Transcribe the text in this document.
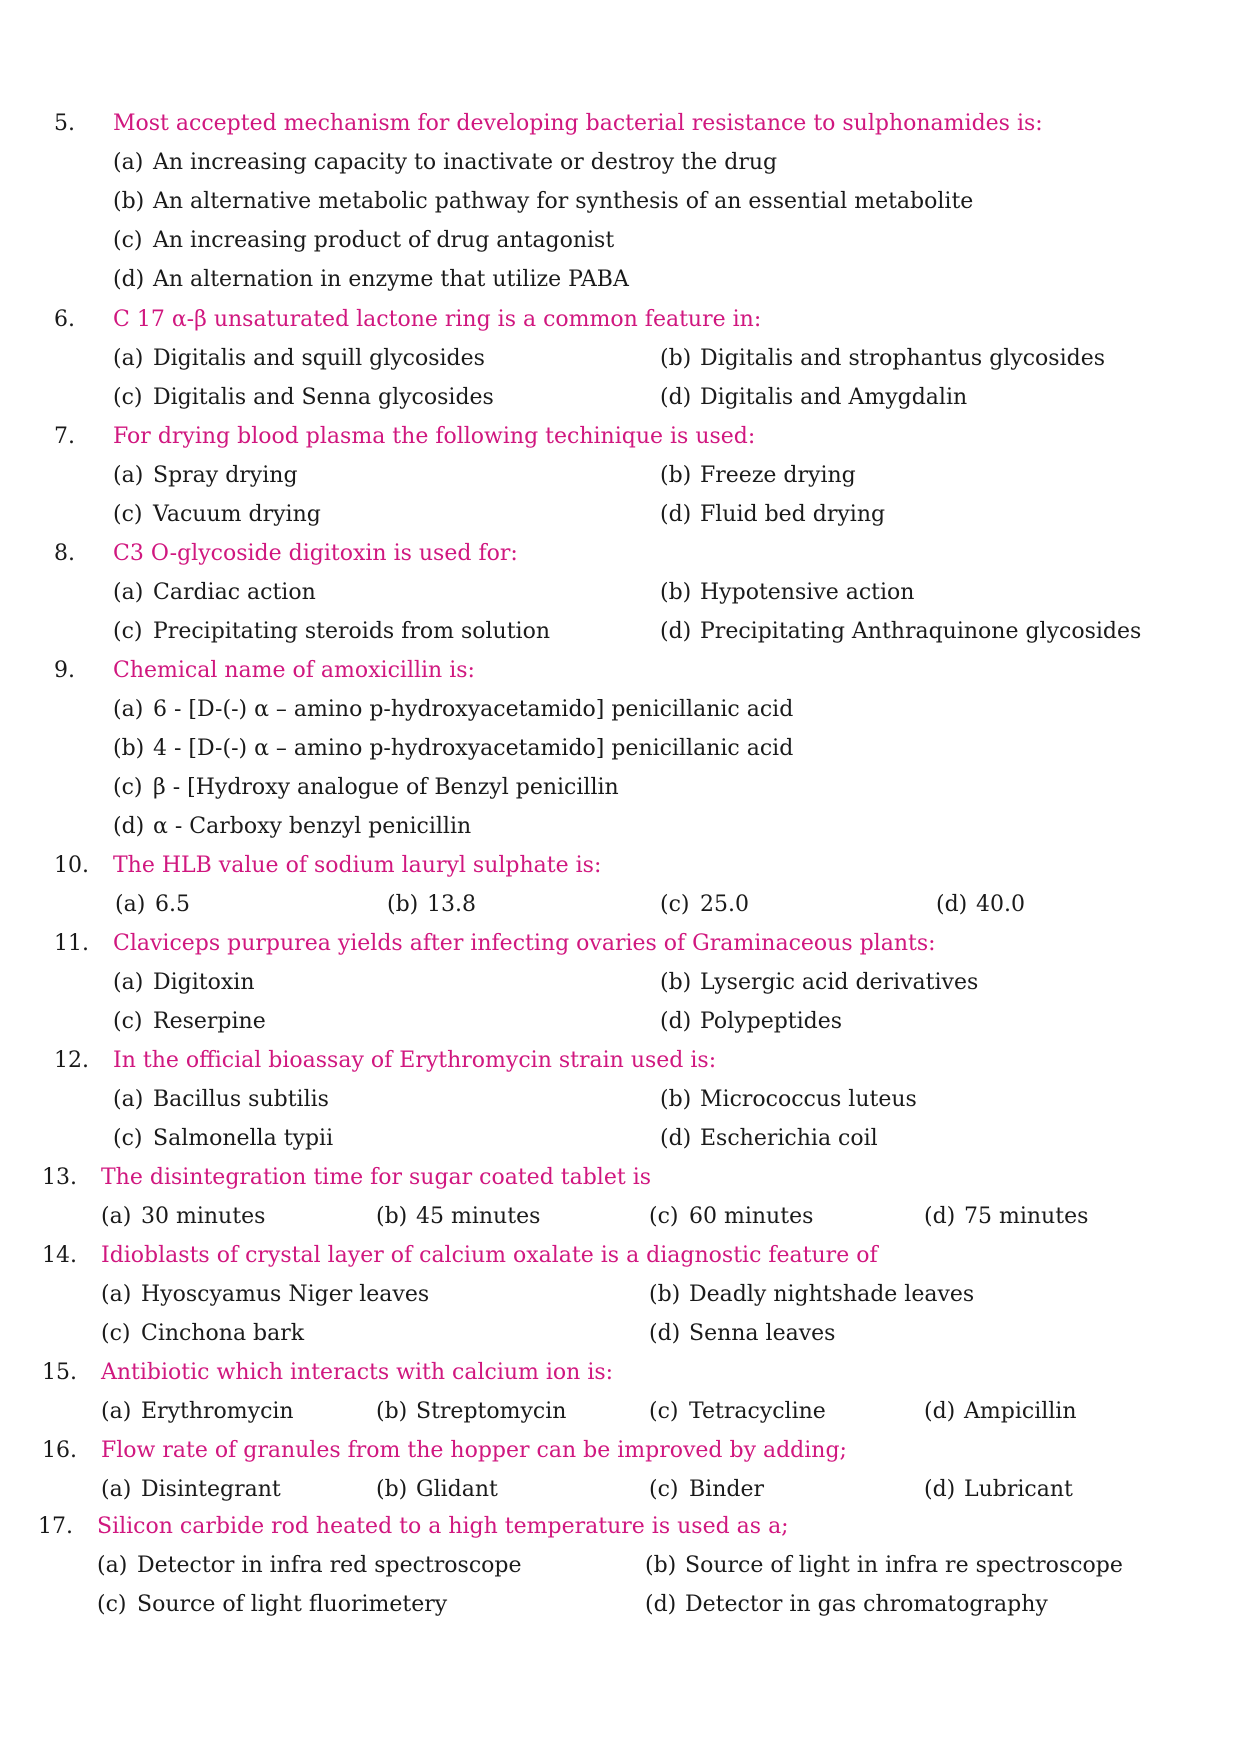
5. Most accepted mechanism for developing bacterial resistance to sulphonamides is:
(a) An increasing capacity to inactivate or destroy the drug
(b) An alternative metabolic pathway for synthesis of an essential metabolite
(c) An increasing product of drug antagonist
(d) An alternation in enzyme that utilize PABA
6. C 17 α-β unsaturated lactone ring is a common feature in:
(a) Digitalis and squill glycosides	(b) Digitalis and strophantus glycosides
(c) Digitalis and Senna glycosides	(d) Digitalis and Amygdalin
7. For drying blood plasma the following techinique is used:
(a) Spray drying	(b) Freeze drying
(c) Vacuum drying	(d) Fluid bed drying
8. C3 O-glycoside digitoxin is used for:
(a) Cardiac action	(b) Hypotensive action
(c) Precipitating steroids from solution	(d) Precipitating Anthraquinone glycosides
9. Chemical name of amoxicillin is:
(a) 6 - [D-(-) α – amino p-hydroxyacetamido] penicillanic acid
(b) 4 - [D-(-) α – amino p-hydroxyacetamido] penicillanic acid
(c) β - [Hydroxy analogue of Benzyl penicillin
(d) α - Carboxy benzyl penicillin
10. The HLB value of sodium lauryl sulphate is:
(a) 6.5	(b) 13.8	(c) 25.0	(d) 40.0
11. Claviceps purpurea yields after infecting ovaries of Graminaceous plants:
(a) Digitoxin	(b) Lysergic acid derivatives
(c) Reserpine	(d) Polypeptides
12. In the official bioassay of Erythromycin strain used is:
(a) Bacillus subtilis	(b) Micrococcus luteus
(c) Salmonella typii	(d) Escherichia coil
13. The disintegration time for sugar coated tablet is
(a) 30 minutes	(b) 45 minutes	(c) 60 minutes	(d) 75 minutes
14. Idioblasts of crystal layer of calcium oxalate is a diagnostic feature of
(a) Hyoscyamus Niger leaves	(b) Deadly nightshade leaves
(c) Cinchona bark	(d) Senna leaves
15. Antibiotic which interacts with calcium ion is:
(a) Erythromycin	(b) Streptomycin	(c) Tetracycline	(d) Ampicillin
16. Flow rate of granules from the hopper can be improved by adding;
(a) Disintegrant	(b) Glidant	(c) Binder	(d) Lubricant
17. Silicon carbide rod heated to a high temperature is used as a;
(a) Detector in infra red spectroscope	(b) Source of light in infra re spectroscope
(c) Source of light fluorimetery	(d) Detector in gas chromatography
